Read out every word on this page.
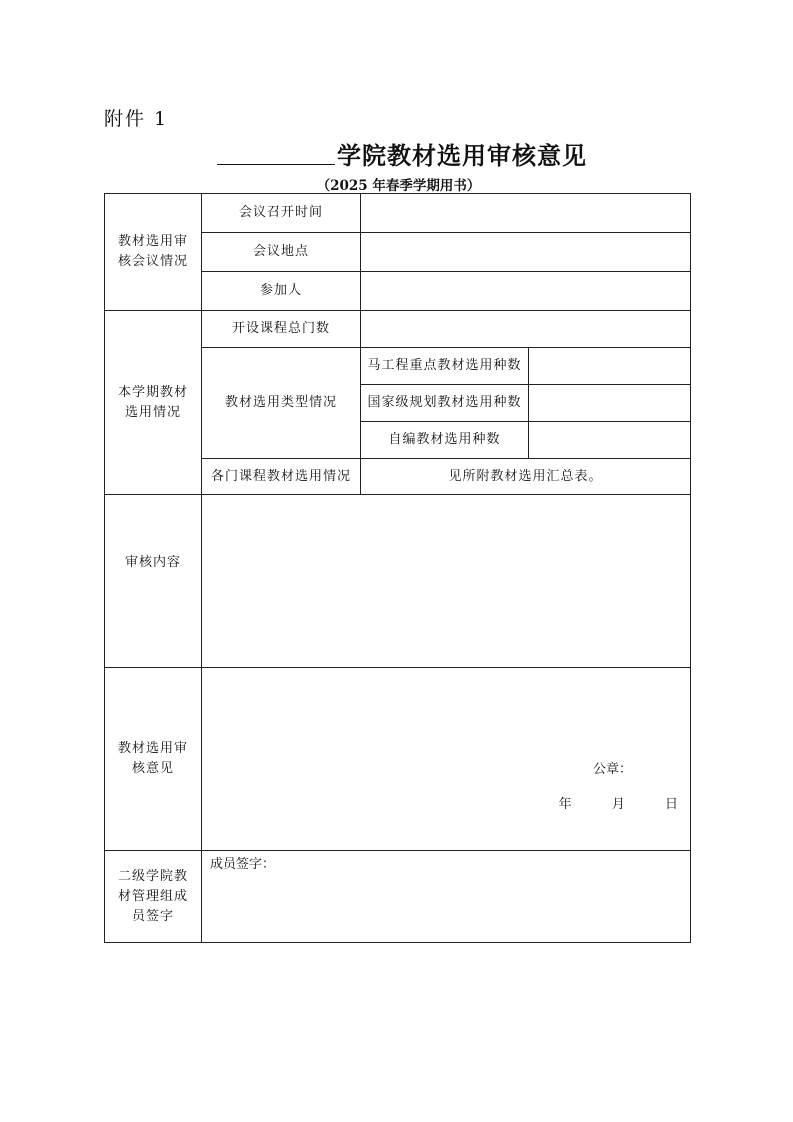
附件 1
学院教材选用审核意见
（2025 年春季学期用书）
教材选用审核会议情况	会议召开时间		
	会议地点		
	参加人		

本学期教材选用情况	开设课程总门数		
	教材选用类型情况	马工程重点教材选用种数	
		国家级规划教材选用种数	
		自编教材选用种数	
	各门课程教材选用情况	见所附教材选用汇总表。	
审核内容			

教材选用审核意见	公章：
年 月 日		

二级学院教材管理组成员签字	成员签字：		
